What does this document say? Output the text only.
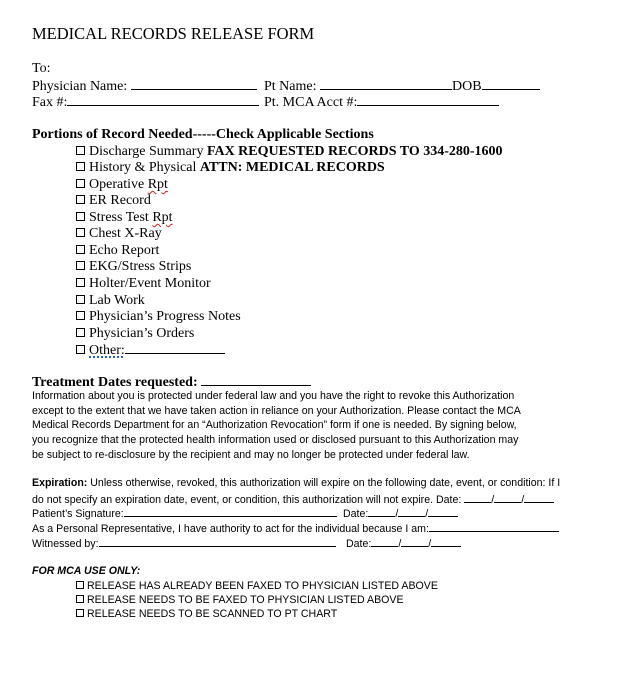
MEDICAL RECORDS RELEASE FORM
To:
Physician Name:	Pt Name:	DOB
Fax #:	Pt. MCA Acct #:
Portions of Record Needed-----Check Applicable Sections
Discharge Summary FAX REQUESTED RECORDS TO 334-280-1600
History & Physical ATTN: MEDICAL RECORDS
Operative Rpt
ER Record
Stress Test Rpt
Chest X-Ray
Echo Report
EKG/Stress Strips
Holter/Event Monitor
Lab Work
Physician’s Progress Notes
Physician’s Orders
Other:
Treatment Dates requested:
Information about you is protected under federal law and you have the right to revoke this Authorization
except to the extent that we have taken action in reliance on your Authorization. Please contact the MCA
Medical Records Department for an “Authorization Revocation” form if one is needed. By signing below,
you recognize that the protected health information used or disclosed pursuant to this Authorization may
be subject to re-disclosure by the recipient and may no longer be protected under federal law.
Expiration: Unless otherwise, revoked, this authorization will expire on the following date, event, or condition: If I
do not specify an expiration date, event, or condition, this authorization will not expire. Date:	/	/
Patient’s Signature:	Date:	/	/
As a Personal Representative, I have authority to act for the individual because I am:
Witnessed by:	Date:	/	/
FOR MCA USE ONLY:
RELEASE HAS ALREADY BEEN FAXED TO PHYSICIAN LISTED ABOVE
RELEASE NEEDS TO BE FAXED TO PHYSICIAN LISTED ABOVE
RELEASE NEEDS TO BE SCANNED TO PT CHART
